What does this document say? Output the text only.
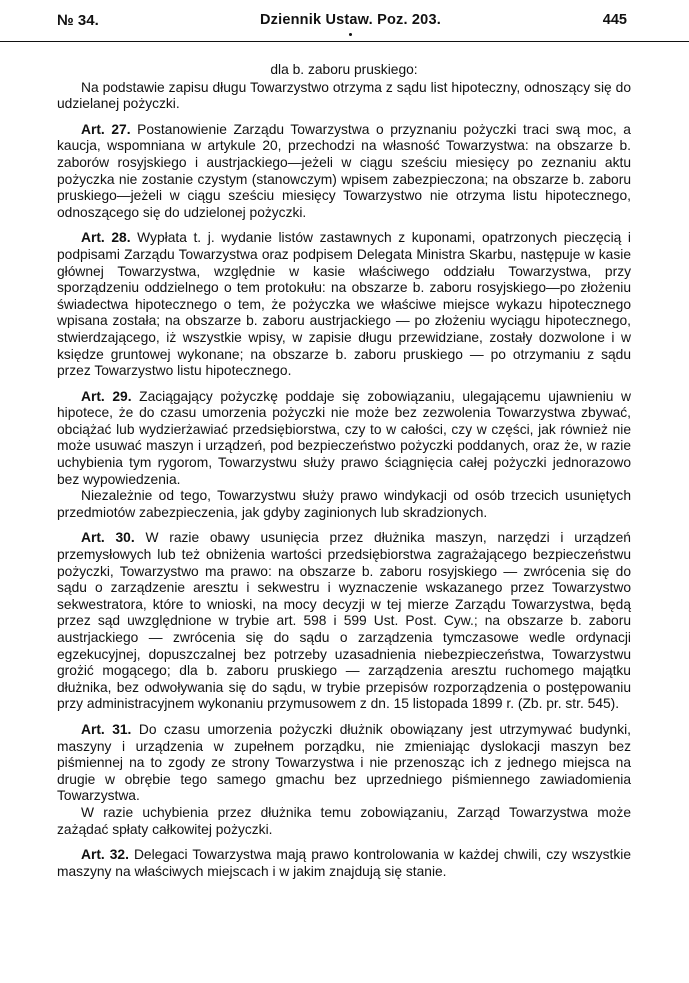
№ 34.	Dziennik Ustaw. Poz. 203.	445
dla b. zaboru pruskiego:

Na podstawie zapisu długu Towarzystwo otrzyma z sądu list hipoteczny, odnoszący się do udzielanej pożyczki.

Art. 27. Postanowienie Zarządu Towarzystwa o przyznaniu pożyczki traci swą moc, a kaucja, wspomniana w artykule 20, przechodzi na własność Towarzystwa: na obszarze b. zaborów rosyjskiego i austrjackiego—jeżeli w ciągu sześciu miesięcy po zeznaniu aktu pożyczka nie zostanie czystym (stanowczym) wpisem zabezpieczona; na obszarze b. zaboru pruskiego—jeżeli w ciągu sześciu miesięcy Towarzystwo nie otrzyma listu hipotecznego, odnoszącego się do udzielonej pożyczki.

Art. 28. Wypłata t. j. wydanie listów zastawnych z kuponami, opatrzonych pieczęcią i podpisami Zarządu Towarzystwa oraz podpisem Delegata Ministra Skarbu, następuje w kasie głównej Towarzystwa, względnie w kasie właściwego oddziału Towarzystwa, przy sporządzeniu oddzielnego o tem protokułu: na obszarze b. zaboru rosyjskiego—po złożeniu świadectwa hipotecznego o tem, że pożyczka we właściwe miejsce wykazu hipotecznego wpisana została; na obszarze b. zaboru austrjackiego — po złożeniu wyciągu hipotecznego, stwierdzającego, iż wszystkie wpisy, w zapisie długu przewidziane, zostały dozwolone i w księdze gruntowej wykonane; na obszarze b. zaboru pruskiego — po otrzymaniu z sądu przez Towarzystwo listu hipotecznego.

Art. 29. Zaciągający pożyczkę poddaje się zobowiązaniu, ulegającemu ujawnieniu w hipotece, że do czasu umorzenia pożyczki nie może bez zezwolenia Towarzystwa zbywać, obciążać lub wydzierżawiać przedsiębiorstwa, czy to w całości, czy w części, jak również nie może usuwać maszyn i urządzeń, pod bezpieczeństwo pożyczki poddanych, oraz że, w razie uchybienia tym rygorom, Towarzystwu służy prawo ściągnięcia całej pożyczki jednorazowo bez wypowiedzenia.

Niezależnie od tego, Towarzystwu służy prawo windykacji od osób trzecich usuniętych przedmiotów zabezpieczenia, jak gdyby zaginionych lub skradzionych.

Art. 30. W razie obawy usunięcia przez dłużnika maszyn, narzędzi i urządzeń przemysłowych lub też obniżenia wartości przedsiębiorstwa zagrażającego bezpieczeństwu pożyczki, Towarzystwo ma prawo: na obszarze b. zaboru rosyjskiego — zwrócenia się do sądu o zarządzenie aresztu i sekwestru i wyznaczenie wskazanego przez Towarzystwo sekwestratora, które to wnioski, na mocy decyzji w tej mierze Zarządu Towarzystwa, będą przez sąd uwzględnione w trybie art. 598 i 599 Ust. Post. Cyw.; na obszarze b. zaboru austrjackiego — zwrócenia się do sądu o zarządzenia tymczasowe wedle ordynacji egzekucyjnej, dopuszczalnej bez potrzeby uzasadnienia niebezpieczeństwa, Towarzystwu grożić mogącego; dla b. zaboru pruskiego — zarządzenia aresztu ruchomego majątku dłużnika, bez odwoływania się do sądu, w trybie przepisów rozporządzenia o postępowaniu przy administracyjnem wykonaniu przymusowem z dn. 15 listopada 1899 r. (Zb. pr. str. 545).

Art. 31. Do czasu umorzenia pożyczki dłużnik obowiązany jest utrzymywać budynki, maszyny i urządzenia w zupełnem porządku, nie zmieniając dyslokacji maszyn bez piśmiennej na to zgody ze strony Towarzystwa i nie przenosząc ich z jednego miejsca na drugie w obrębie tego samego gmachu bez uprzedniego piśmiennego zawiadomienia Towarzystwa.

W razie uchybienia przez dłużnika temu zobowiązaniu, Zarząd Towarzystwa może zażądać spłaty całkowitej pożyczki.

Art. 32. Delegaci Towarzystwa mają prawo kontrolowania w każdej chwili, czy wszystkie maszyny na właściwych miejscach i w jakim znajdują się stanie.
